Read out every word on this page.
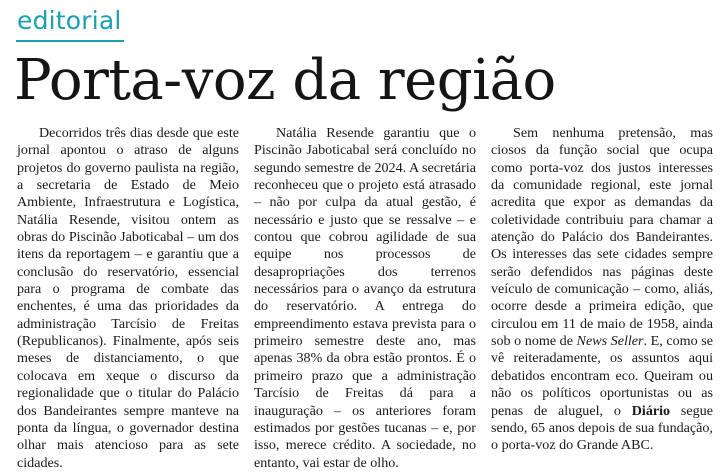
editorial
Porta-voz da região

Decorridos três dias desde que este jornal apontou o atraso de alguns projetos do governo paulista na região, a secretaria de Estado de Meio Ambiente, Infraestrutura e Logística, Natália Resende, visitou ontem as obras do Piscinão Jaboticabal – um dos itens da reportagem – e garantiu que a conclusão do reservatório, essencial para o programa de combate das enchentes, é uma das prioridades da administração Tarcísio de Freitas (Republicanos). Finalmente, após seis meses de distanciamento, o que colocava em xeque o discurso da regionalidade que o titular do Palácio dos Bandeirantes sempre manteve na ponta da língua, o governador destina olhar mais atencioso para as sete cidades.

Natália Resende garantiu que o Piscinão Jaboticabal será concluído no segundo semestre de 2024. A secretária reconheceu que o projeto está atrasado – não por culpa da atual gestão, é necessário e justo que se ressalve – e contou que cobrou agilidade de sua equipe nos processos de desapropriações dos terrenos necessários para o avanço da estrutura do reservatório. A entrega do empreendimento estava prevista para o primeiro semestre deste ano, mas apenas 38% da obra estão prontos. É o primeiro prazo que a administração Tarcísio de Freitas dá para a inauguração – os anteriores foram estimados por gestões tucanas – e, por isso, merece crédito. A sociedade, no entanto, vai estar de olho.

Sem nenhuma pretensão, mas ciosos da função social que ocupa como porta-voz dos justos interesses da comunidade regional, este jornal acredita que expor as demandas da coletividade contribuiu para chamar a atenção do Palácio dos Bandeirantes. Os interesses das sete cidades sempre serão defendidos nas páginas deste veículo de comunicação – como, aliás, ocorre desde a primeira edição, que circulou em 11 de maio de 1958, ainda sob o nome de News Seller. E, como se vê reiteradamente, os assuntos aqui debatidos encontram eco. Queiram ou não os políticos oportunistas ou as penas de aluguel, o Diário segue sendo, 65 anos depois de sua fundação, o porta-voz do Grande ABC.
